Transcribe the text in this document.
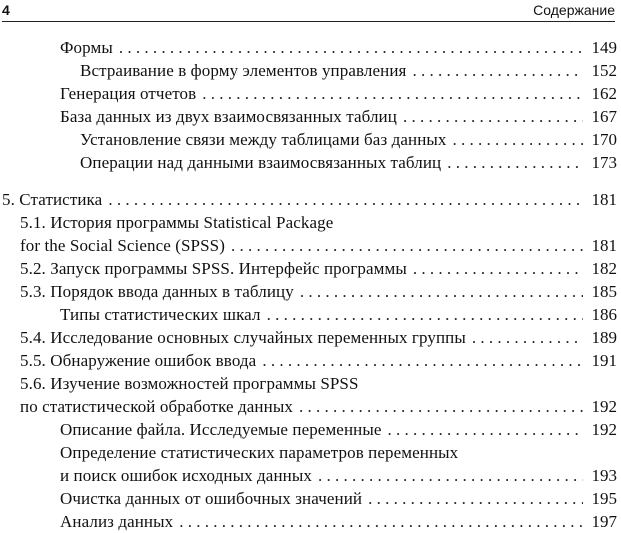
4	Содержание
Формы . . .	149
Встраивание в форму элементов управления . . .	152
Генерация отчетов . . .	162
База данных из двух взаимосвязанных таблиц . . .	167
Установление связи между таблицами баз данных . . .	170
Операции над данными взаимосвязанных таблиц . . .	173
5. Статистика . . .	181
5.1. История программы Statistical Package
for the Social Science (SPSS) . . .	181
5.2. Запуск программы SPSS. Интерфейс программы . . .	182
5.3. Порядок ввода данных в таблицу . . .	185
Типы статистических шкал . . .	186
5.4. Исследование основных случайных переменных группы . . .	189
5.5. Обнаружение ошибок ввода . . .	191
5.6. Изучение возможностей программы SPSS
по статистической обработке данных . . .	192
Описание файла. Исследуемые переменные . . .	192
Определение статистических параметров переменных
и поиск ошибок исходных данных . . .	193
Очистка данных от ошибочных значений . . .	195
Анализ данных . . .	197
